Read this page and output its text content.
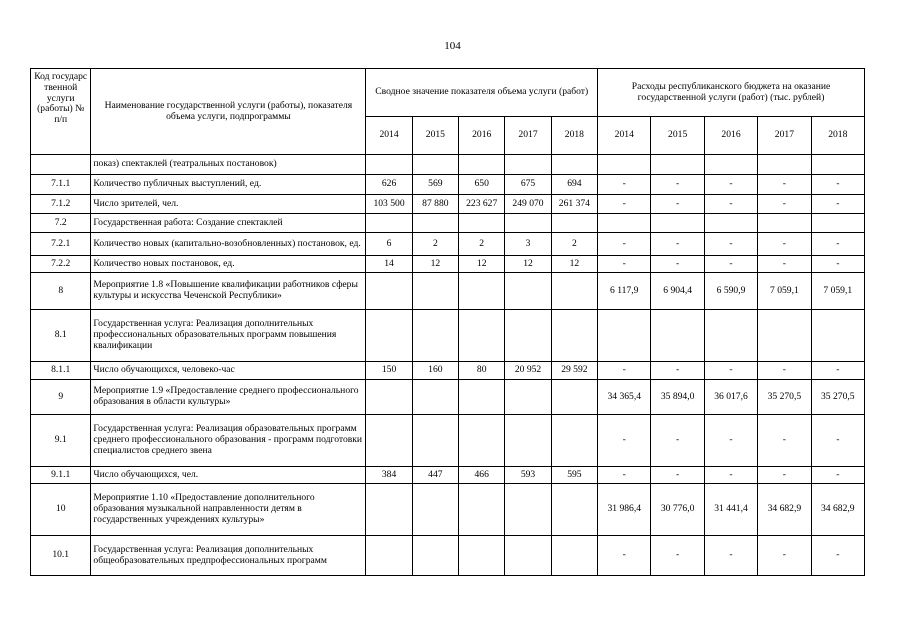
104
Код государс твенной услуги (работы) № п/п	Наименование государственной услуги (работы), показателя объема услуги, подпрограммы	Сводное значение показателя объема услуги (работ)					Расходы республиканского бюджета на оказание государственной услуги (работ) (тыс. рублей)				
		2014	2015	2016	2017	2018	2014	2015	2016	2017	2018
	показ) спектаклей (театральных постановок)										
7.1.1	Количество публичных выступлений, ед.	626	569	650	675	694	-	-	-	-	-
7.1.2	Число зрителей, чел.	103 500	87 880	223 627	249 070	261 374	-	-	-	-	-
7.2	Государственная работа: Создание спектаклей										
7.2.1	Количество новых (капитально-возобновленных) постановок, ед.	6	2	2	3	2	-	-	-	-	-
7.2.2	Количество новых постановок, ед.	14	12	12	12	12	-	-	-	-	-
8	Мероприятие 1.8 «Повышение квалификации работников сферы культуры и искусства Чеченской Республики»						6 117,9	6 904,4	6 590,9	7 059,1	7 059,1
8.1	Государственная услуга: Реализация дополнительных профессиональных образовательных программ повышения квалификации										
8.1.1	Число обучающихся, человеко-час	150	160	80	20 952	29 592	-	-	-	-	-
9	Мероприятие 1.9 «Предоставление среднего профессионального образования в области культуры»						34 365,4	35 894,0	36 017,6	35 270,5	35 270,5
9.1	Государственная услуга: Реализация образовательных программ среднего профессионального образования - программ подготовки специалистов среднего звена						-	-	-	-	-
9.1.1	Число обучающихся, чел.	384	447	466	593	595	-	-	-	-	-
10	Мероприятие 1.10 «Предоставление дополнительного образования музыкальной направленности детям в государственных учреждениях культуры»						31 986,4	30 776,0	31 441,4	34 682,9	34 682,9
10.1	Государственная услуга: Реализация дополнительных общеобразовательных предпрофессиональных программ						-	-	-	-	-
